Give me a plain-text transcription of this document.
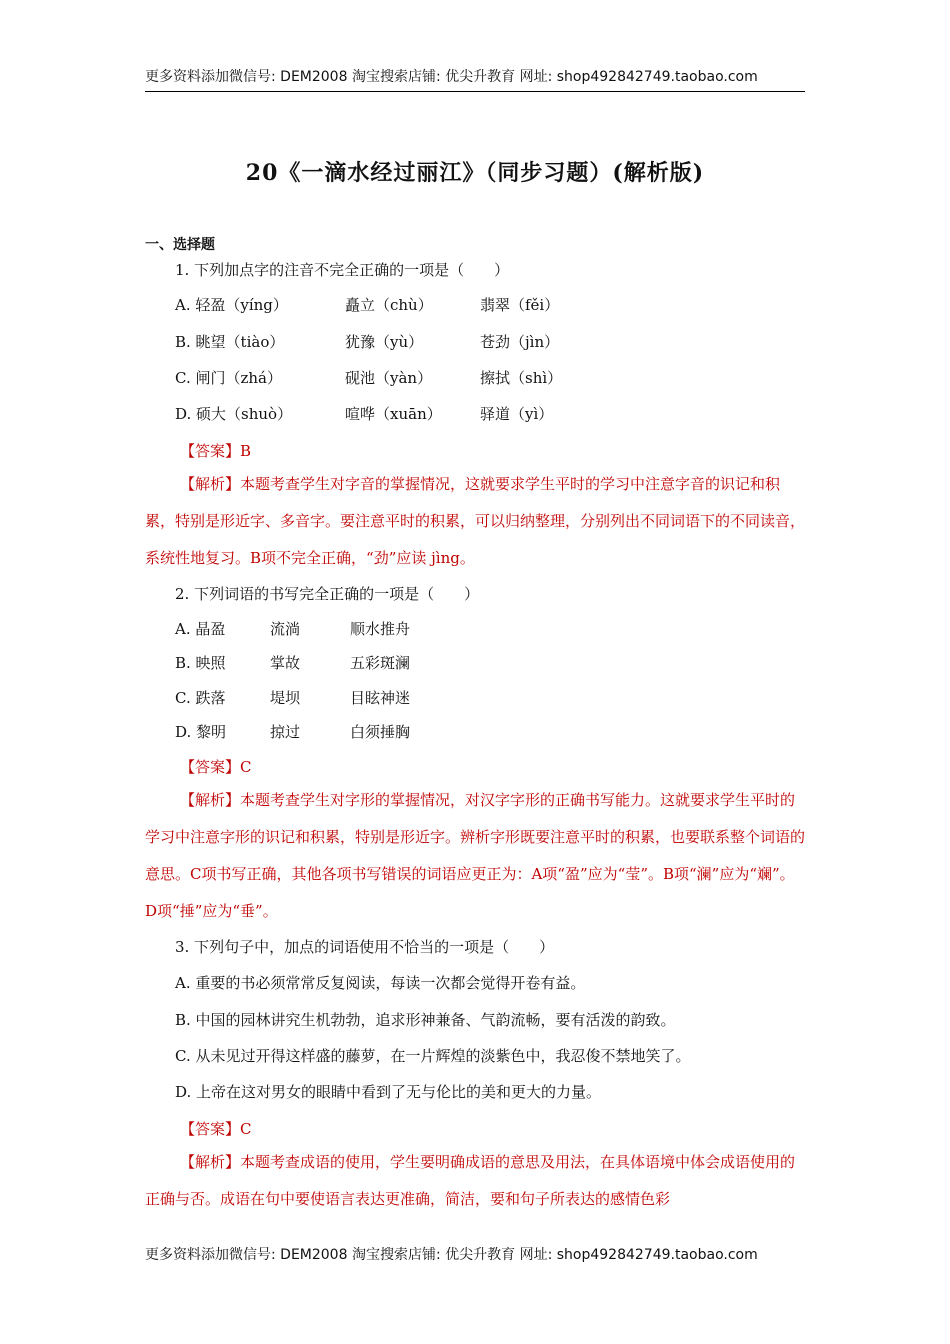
更多资料添加微信号: DEM2008 淘宝搜索店铺: 优尖升教育 网址: shop492842749.taobao.com
20《一滴水经过丽江》（同步习题）(解析版)
一、选择题
1. 下列加点字的注音不完全正确的一项是（　　）
A. 轻盈（yíng）	矗立（chù）	翡翠（fěi）
B. 眺望（tiào）	犹豫（yù）	苍劲（jìn）
C. 闸门（zhá）	砚池（yàn）	擦拭（shì）
D. 硕大（shuò）	喧哗（xuān）	驿道（yì）
【答案】B
【解析】本题考查学生对字音的掌握情况，这就要求学生平时的学习中注意字音的识记和积累，特别是形近字、多音字。要注意平时的积累，可以归纳整理，分别列出不同词语下的不同读音，系统性地复习。B项不完全正确，“劲”应读 jìng。
2. 下列词语的书写完全正确的一项是（　　）
A. 晶盈	流淌	顺水推舟
B. 映照	掌故	五彩斑澜
C. 跌落	堤坝	目眩神迷
D. 黎明	掠过	白须捶胸
【答案】C
【解析】本题考查学生对字形的掌握情况，对汉字字形的正确书写能力。这就要求学生平时的学习中注意字形的识记和积累，特别是形近字。辨析字形既要注意平时的积累，也要联系整个词语的意思。C项书写正确，其他各项书写错误的词语应更正为：A项“盈”应为“莹”。B项“澜”应为“斓”。D项“捶”应为“垂”。
3. 下列句子中，加点的词语使用不恰当的一项是（　　）
A. 重要的书必须常常反复阅读，每读一次都会觉得开卷有益。
B. 中国的园林讲究生机勃勃，追求形神兼备、气韵流畅，要有活泼的韵致。
C. 从未见过开得这样盛的藤萝，在一片辉煌的淡紫色中，我忍俊不禁地笑了。
D. 上帝在这对男女的眼睛中看到了无与伦比的美和更大的力量。
【答案】C
【解析】本题考查成语的使用，学生要明确成语的意思及用法，在具体语境中体会成语使用的正确与否。成语在句中要使语言表达更准确，简洁，要和句子所表达的感情色彩
更多资料添加微信号: DEM2008 淘宝搜索店铺: 优尖升教育 网址: shop492842749.taobao.com
